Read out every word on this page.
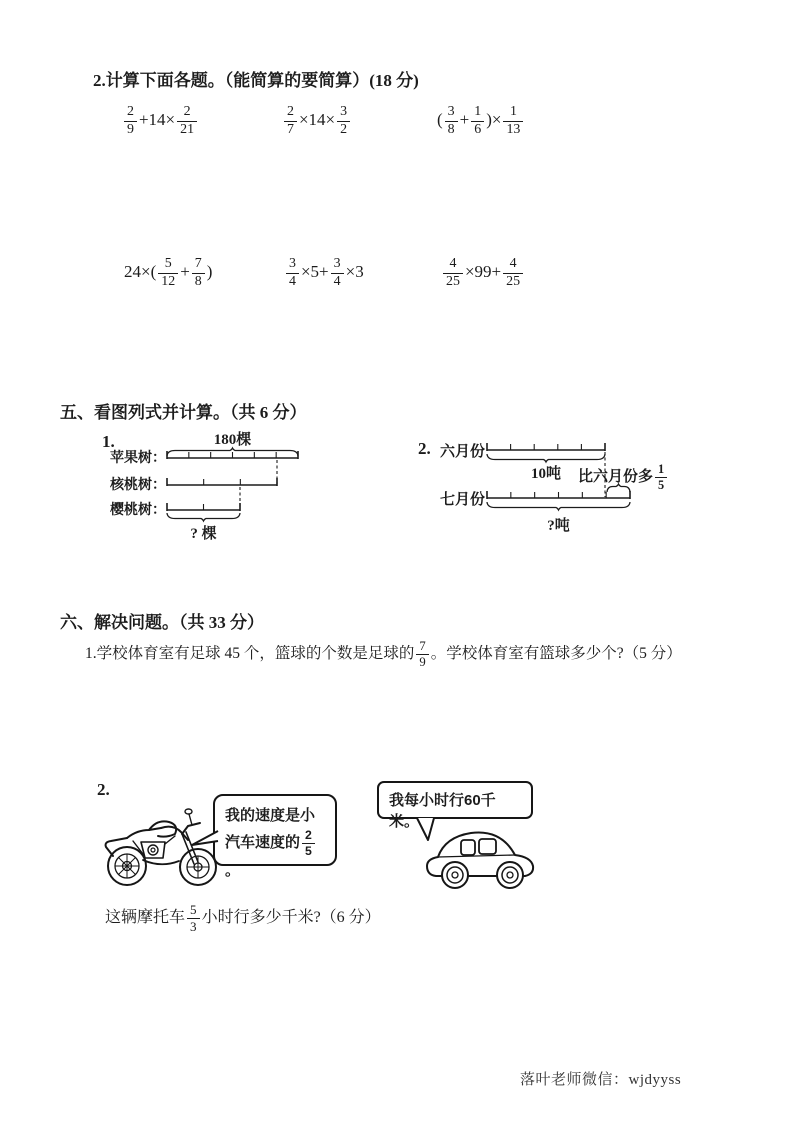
2.计算下面各题。（能简算的要简算）(18 分)
$\frac{2}{9} +14\times \frac{2}{21}$	$\frac{2}{7} \times 14\times \frac{3}{2}$	( $\frac{3}{8} + \frac{1}{6}$ )× $\frac{1}{13}$
$24\times( \frac{5}{12} + \frac{7}{8}$ )	$\frac{3}{4} \times 5+ \frac{3}{4} \times 3$	$\frac{4}{25} \times 99+ \frac{4}{25}$
五、看图列式并计算。（共 6 分）
1.	180棵
苹果树：
核桃树：
樱桃树：
? 棵
2. 六月份
10吨	比六月份多 $\frac{1}{5}$
七月份
?吨
六、解决问题。（共 33 分）
1.学校体育室有足球 45 个，篮球的个数是足球的 $\frac{7}{9}$ 。学校体育室有篮球多少个?（5 分）
2.
我的速度是小汽车速度的 $\frac{2}{5}$
。
我每小时行60千米。
这辆摩托车 $\frac{5}{3}$ 小时行多少千米?（6 分）
落叶老师微信：wjdyyss
